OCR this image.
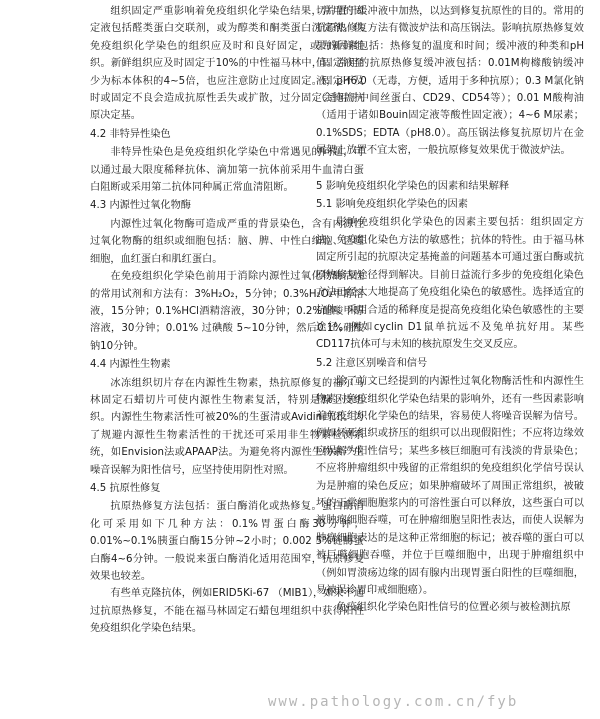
组织固定严重影响着免疫组织化学染色结果，常用的固定液包括醛类蛋白交联剂，或为醇类和酮类蛋白沉淀剂。供免疫组织化学染色的组织应及时和良好固定，或为新鲜组织。新鲜组织应及时固定于10%的中性福马林中，固定液至少为标本体积的4~5倍，也应注意防止过度固定。固定不及时或固定不良会造成抗原性丢失或扩散，过分固定会掩盖抗原决定基。

4.2 非特异性染色

非特异性染色是免疫组织化学染色中常遇见的问题，可以通过最大限度稀释抗体、滴加第一抗体前采用牛血清白蛋白阻断或采用第二抗体同种属正常血清阻断。

4.3 内源性过氧化物酶

内源性过氧化物酶可造成严重的背景染色，含有内源性过氧化物酶的组织或细胞包括：脑、脾、中性白细胞、巨噬细胞，血红蛋白和肌红蛋白。

在免疫组织化学染色前用于消除内源性过氧化物酶活性的常用试剂和方法有：3%H₂O₂，5分钟；0.3%H₂O₂甲醇溶液，15分钟；0.1%HCl酒精溶液，30分钟；0.2%醋酸甲醇溶液，30分钟；0.01% 过碘酸 5~10分钟，然后0.1%硼酸钠10分钟。

4.4 内源性生物素

冰冻组织切片存在内源性生物素，热抗原修复的福尔马林固定石蜡切片可使内源性生物素复活，特别是腺上皮组织。内源性生物素活性可被20%的生蛋清或Avidin封闭。为了规避内源性生物素活性的干扰还可采用非生物素检测系统，如Envision法或APAAP法。为避免将内源性生物素产生噪音误解为阳性信号，应坚持使用阴性对照。

4.5 抗原性修复

抗原热修复方法包括：蛋白酶消化或热修复。蛋白酶消化可采用如下几种方法：0.1%胃蛋白酶30分钟；0.01%~0.1%胰蛋白酶15分钟~2小时；0.002 5%链酶蛋白酶4~6分钟。一般说来蛋白酶消化适用范围窄，抗原修复效果也较差。

有些单克隆抗体，例如ERID5Ki-67 （MIB1），如果不通过抗原热修复，不能在福马林固定石蜡包埋组织中获得阳性免疫组织化学染色结果。

切片置于缓冲液中加热，以达到修复抗原性的目的。常用的抗原热修复方法有微波炉法和高压锅法。影响抗原热修复效果的因素包括：热修复的温度和时间；缓冲液的种类和pH值。常用的抗原热修复缓冲液包括：0.01M枸橼酸钠缓冲液，pH6.0（无毒，方便，适用于多种抗原）；0.3 M氯化钠（适用于中间丝蛋白、CD29、CD54等）；0.01 M酸枸油（适用于诸如Bouin固定液等酸性固定液）；4~6 M尿素；0.1%SDS；EDTA（pH8.0）。高压锅法修复抗原切片在金属架上放置不宜太密，一般抗原修复效果优于微波炉法。

5 影响免疫组织化学染色的因素和结果解释
5.1 影响免疫组织化学染色的因素

影响免疫组织化学染色的因素主要包括：组织固定方法；免疫组化染色方法的敏感性；抗体的特性。由于福马林固定所引起的抗原决定基掩盖的问题基本可通过蛋白酶或抗原热修复途径得到解决。目前日益流行多步的免疫组化染色方法已经大大地提高了免疫组化染色的敏感性。选择适宜的抗体、采用合适的稀释度是提高免疫组化染色敏感性的主要途径，例如cyclin D1鼠单抗远不及兔单抗好用。某些CD117抗体可与未知的核抗原发生交叉反应。

5.2 注意区别噪音和信号

除了前文已经提到的内源性过氧化物酶活性和内源性生物素对免疫组织化学染色结果的影响外，还有一些因素影响着免疫组织化学染色的结果，容易使人将噪音误解为信号。例如坏死组织或挤压的组织可以出现假阳性；不应将边缘效应误解为阳性信号；某些多核巨细胞可有浅淡的背景染色；不应将肿瘤组织中残留的正常组织的免疫组织化学信号误认为是肿瘤的染色反应；如果肿瘤破坏了周围正常组织，被破坏的正常细胞胞浆内的可溶性蛋白可以释放，这些蛋白可以被肿瘤细胞吞噬，可在肿瘤细胞呈阳性表达，而使人误解为肿瘤细胞表达的是这种正常细胞的标记；被吞噬的蛋白可以被巨噬细胞吞噬，并位于巨噬细胞中，出现于肿瘤组织中（例如胃溃疡边缘的固有腺内出现胃蛋白阳性的巨噬细胞，易被误诊胃印戒细胞癌）。

免疫组织化学染色阳性信号的位置必须与被检测抗原

www.pathology.com.cn/fyb
